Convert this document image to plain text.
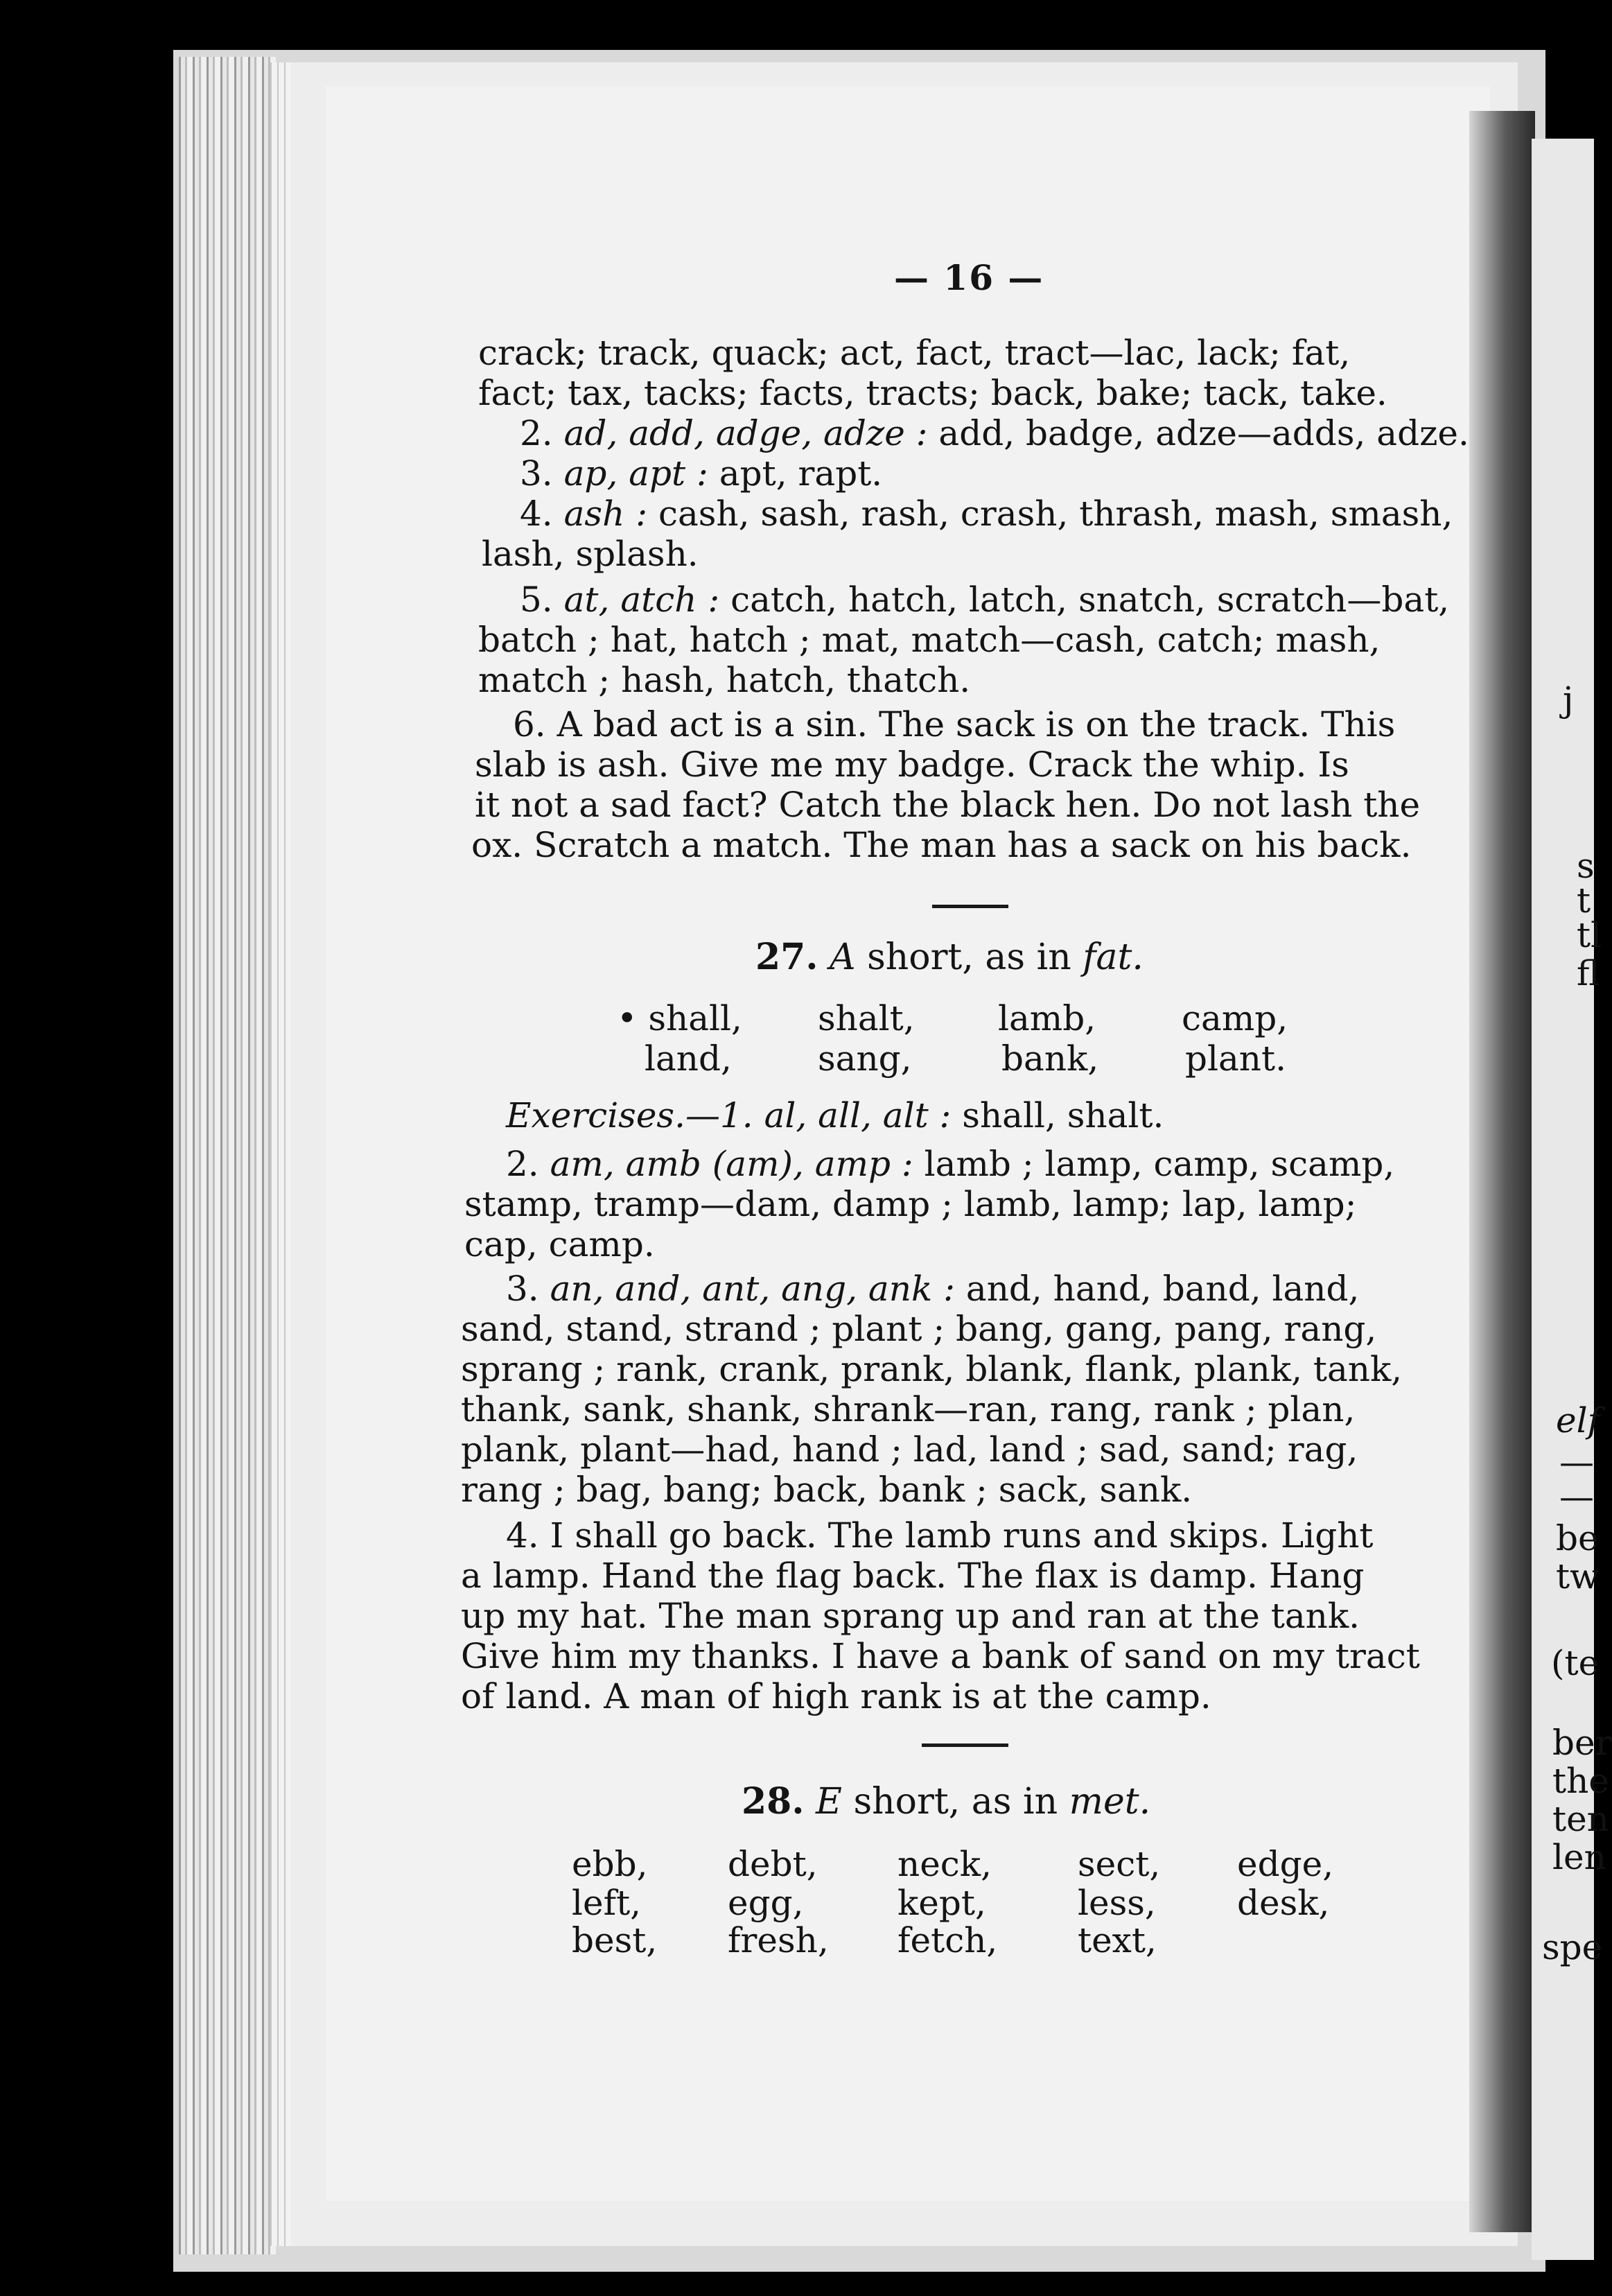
— 16 —
crack; track, quack; act, fact, tract—lac, lack; fat,
fact; tax, tacks; facts, tracts; back, bake; tack, take.
2. ad, add, adge, adze : add, badge, adze—adds, adze.
3. ap, apt : apt, rapt.
4. ash : cash, sash, rash, crash, thrash, mash, smash,
lash, splash.
5. at, atch : catch, hatch, latch, snatch, scratch—bat,
batch ; hat, hatch ; mat, match—cash, catch; mash,
match ; hash, hatch, thatch.
6. A bad act is a sin. The sack is on the track. This
slab is ash. Give me my badge. Crack the whip. Is
it not a sad fact? Catch the black hen. Do not lash the
ox. Scratch a match. The man has a sack on his back.
27. A short, as in fat.
• shall, shalt, lamb, camp,
land, sang,	bank, plant.
Exercises.—1. al, all, alt : shall, shalt.
2. am, amb (am), amp : lamb ; lamp, camp, scamp,
stamp, tramp—dam, damp ; lamb, lamp; lap, lamp;
cap, camp.
3. an, and, ant, ang, ank : and, hand, band, land,
sand, stand, strand ; plant ; bang, gang, pang, rang,
sprang ; rank, crank, prank, blank, flank, plank, tank,
thank, sank, shank, shrank—ran, rang, rank ; plan,
plank, plant—had, hand ; lad, land ; sad, sand; rag,
rang ; bag, bang; back, bank ; sack, sank.
4. I shall go back. The lamb runs and skips. Light
a lamp. Hand the flag back. The flax is damp. Hang
up my hat. The man sprang up and ran at the tank.
Give him my thanks. I have a bank of sand on my tract
of land. A man of high rank is at the camp.
28. E short, as in met.
ebb, debt, neck, sect, edge,
left, egg,	kept,	less, desk,
best, fresh, fetch, text,
j
s
t
tl
fl
elf
—
—
be
tw
(te
ber
the
ten
len
spe
